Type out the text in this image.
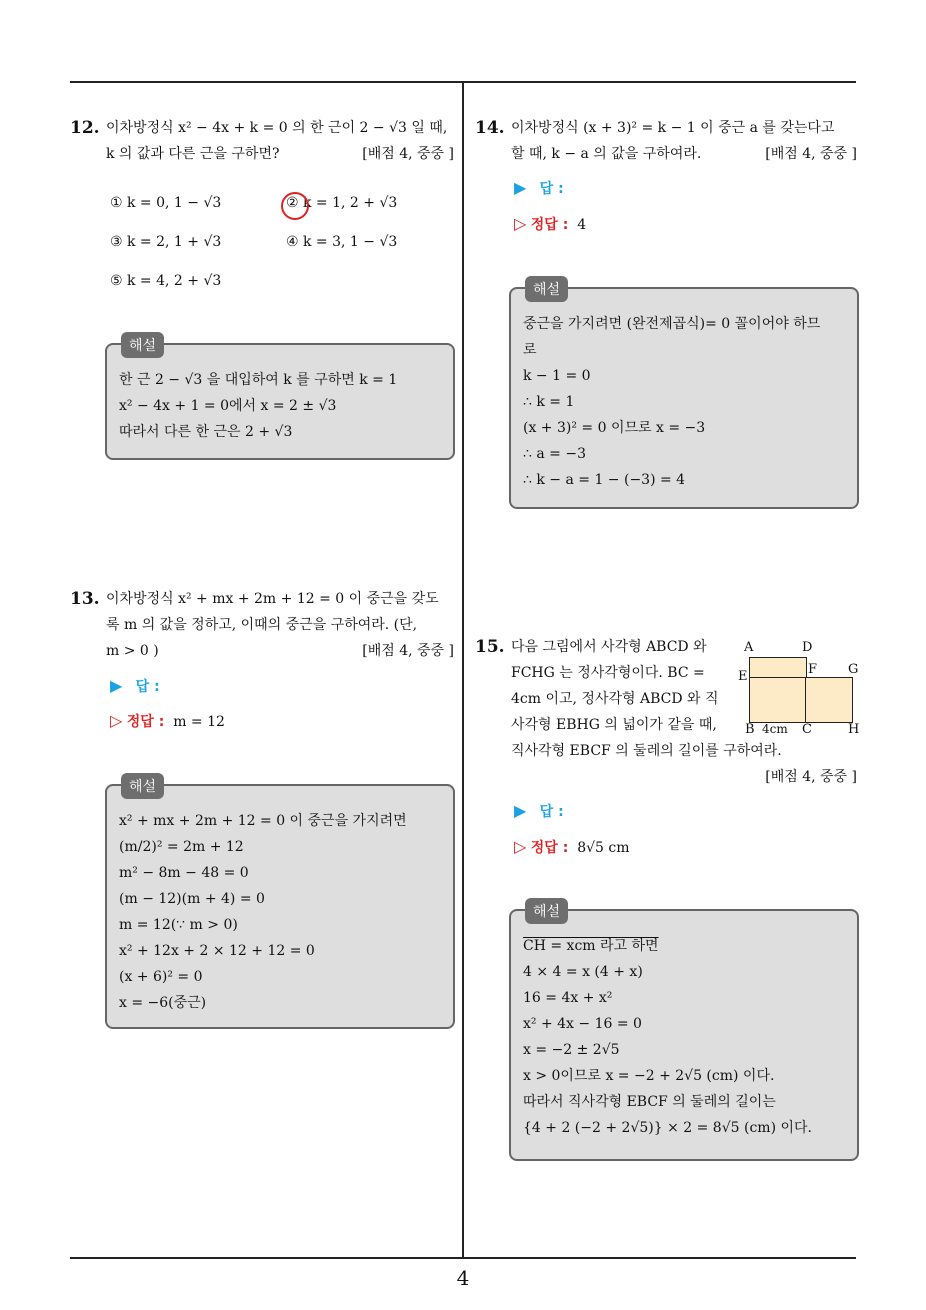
12. 이차방정식 x² − 4x + k = 0 의 한 근이 2 − √3 일 때,
k 의 값과 다른 근을 구하면?	[배점 4, 중중 ]
① k = 0, 1 − √3	② k = 1, 2 + √3
③ k = 2, 1 + √3	④ k = 3, 1 − √3
⑤ k = 4, 2 + √3
해설
한 근 2 − √3 을 대입하여 k 를 구하면 k = 1
x² − 4x + 1 = 0에서 x = 2 ± √3
따라서 다른 한 근은 2 + √3
13. 이차방정식 x² + mx + 2m + 12 = 0 이 중근을 갖도
록 m 의 값을 정하고, 이때의 중근을 구하여라. (단,
m > 0 )	[배점 4, 중중 ]
▶ 답 :
▷ 정답 : m = 12
해설
x² + mx + 2m + 12 = 0 이 중근을 가지려면
(m/2)² = 2m + 12
m² − 8m − 48 = 0
(m − 12)(m + 4) = 0
m = 12(∵ m > 0)
x² + 12x + 2 × 12 + 12 = 0
(x + 6)² = 0
x = −6(중근)
14. 이차방정식 (x + 3)² = k − 1 이 중근 a 를 갖는다고
할 때, k − a 의 값을 구하여라.	[배점 4, 중중 ]
▶ 답 :
▷ 정답 : 4
해설
중근을 가지려면 (완전제곱식)= 0 꼴이어야 하므
로
k − 1 = 0
∴ k = 1
(x + 3)² = 0 이므로 x = −3
∴ a = −3
∴ k − a = 1 − (−3) = 4
15. 다음 그림에서 사각형 ABCD 와
FCHG 는 정사각형이다. BC =
4cm 이고, 정사각형 ABCD 와 직
사각형 EBHG 의 넓이가 같을 때,
직사각형 EBCF 의 둘레의 길이를 구하여라.
[배점 4, 중중 ]
A	D
E	F G
B 4cm C	H
▶ 답 :
▷ 정답 : 8√5 cm
해설
CH = xcm 라고 하면
4 × 4 = x (4 + x)
16 = 4x + x²
x² + 4x − 16 = 0
x = −2 ± 2√5
x > 0이므로 x = −2 + 2√5 (cm) 이다.
따라서 직사각형 EBCF 의 둘레의 길이는
{4 + 2 (−2 + 2√5)} × 2 = 8√5 (cm) 이다.
4
